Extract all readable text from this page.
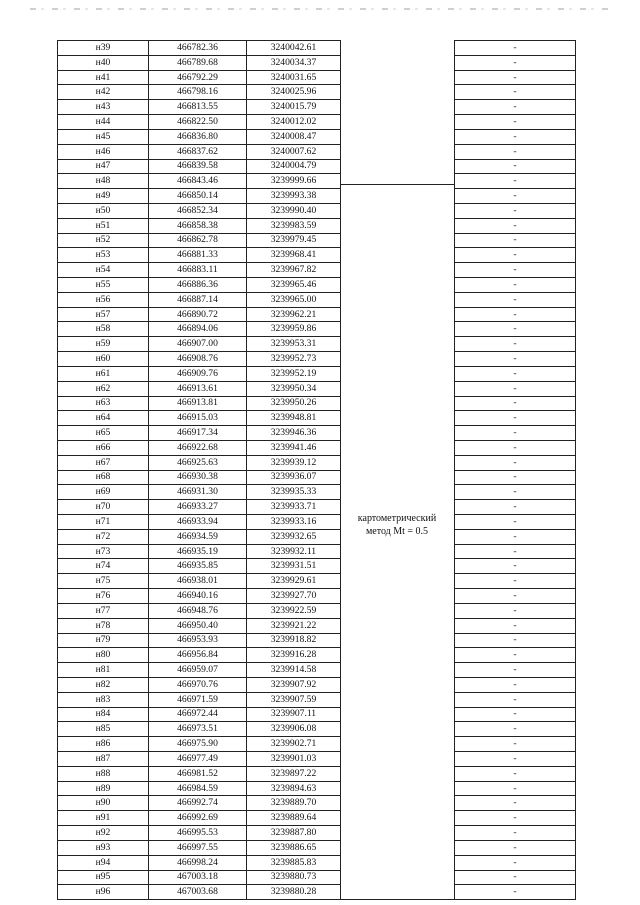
н39	466782.36	3240042.61		-
н40	466789.68	3240034.37		-
н41	466792.29	3240031.65		-
н42	466798.16	3240025.96		-
н43	466813.55	3240015.79		-
н44	466822.50	3240012.02		-
н45	466836.80	3240008.47		-
н46	466837.62	3240007.62		-
н47	466839.58	3240004.79		-
н48	466843.46	3239999.66		-
н49	466850.14	3239993.38		-
н50	466852.34	3239990.40		-
н51	466858.38	3239983.59		-
н52	466862.78	3239979.45		-
н53	466881.33	3239968.41		-
н54	466883.11	3239967.82		-
н55	466886.36	3239965.46		-
н56	466887.14	3239965.00		-
н57	466890.72	3239962.21		-
н58	466894.06	3239959.86		-
н59	466907.00	3239953.31		-
н60	466908.76	3239952.73		-
н61	466909.76	3239952.19		-
н62	466913.61	3239950.34		-
н63	466913.81	3239950.26		-
н64	466915.03	3239948.81		-
н65	466917.34	3239946.36		-
н66	466922.68	3239941.46		-
н67	466925.63	3239939.12		-
н68	466930.38	3239936.07		-
н69	466931.30	3239935.33		-
н70	466933.27	3239933.71		-
н71	466933.94	3239933.16		-
н72	466934.59	3239932.65		-
н73	466935.19	3239932.11		-
н74	466935.85	3239931.51		-
н75	466938.01	3239929.61		-
н76	466940.16	3239927.70		-
н77	466948.76	3239922.59		-
н78	466950.40	3239921.22		-
н79	466953.93	3239918.82		-
н80	466956.84	3239916.28		-
н81	466959.07	3239914.58		-
н82	466970.76	3239907.92		-
н83	466971.59	3239907.59		-
н84	466972.44	3239907.11		-
н85	466973.51	3239906.08		-
н86	466975.90	3239902.71		-
н87	466977.49	3239901.03		-
н88	466981.52	3239897.22		-
н89	466984.59	3239894.63		-
н90	466992.74	3239889.70		-
н91	466992.69	3239889.64		-
н92	466995.53	3239887.80		-
н93	466997.55	3239886.65		-
н94	466998.24	3239885.83		-
н95	467003.18	3239880.73		-
н96	467003.68	3239880.28		-
картометрический
метод Mt = 0.5
